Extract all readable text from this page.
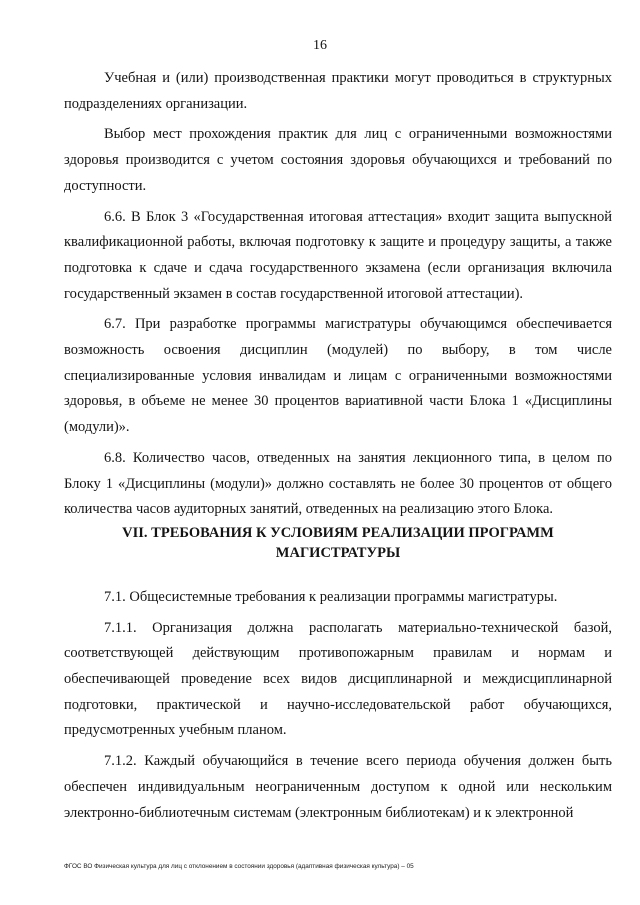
16

Учебная и (или) производственная практики могут проводиться в структурных подразделениях организации.

Выбор мест прохождения практик для лиц с ограниченными возможностями здоровья производится с учетом состояния здоровья обучающихся и требований по доступности.

6.6. В Блок 3 «Государственная итоговая аттестация» входит защита выпускной квалификационной работы, включая подготовку к защите и процедуру защиты, а также подготовка к сдаче и сдача государственного экзамена (если организация включила государственный экзамен в состав государственной итоговой аттестации).

6.7. При разработке программы магистратуры обучающимся обеспечивается возможность освоения дисциплин (модулей) по выбору, в том числе специализированные условия инвалидам и лицам с ограниченными возможностями здоровья, в объеме не менее 30 процентов вариативной части Блока 1 «Дисциплины (модули)».

6.8. Количество часов, отведенных на занятия лекционного типа, в целом по Блоку 1 «Дисциплины (модули)» должно составлять не более 30 процентов от общего количества часов аудиторных занятий, отведенных на реализацию этого Блока.

VII. ТРЕБОВАНИЯ К УСЛОВИЯМ РЕАЛИЗАЦИИ ПРОГРАММ
МАГИСТРАТУРЫ

7.1. Общесистемные требования к реализации программы магистратуры.

7.1.1. Организация должна располагать материально-технической базой, соответствующей действующим противопожарным правилам и нормам и обеспечивающей проведение всех видов дисциплинарной и междисциплинарной подготовки, практической и научно-исследовательской работ обучающихся, предусмотренных учебным планом.

7.1.2. Каждый обучающийся в течение всего периода обучения должен быть обеспечен индивидуальным неограниченным доступом к одной или нескольким электронно-библиотечным системам (электронным библиотекам) и к электронной

ФГОС ВО Физическая культура для лиц с отклонением в состоянии здоровья (адаптивная физическая культура) – 05
